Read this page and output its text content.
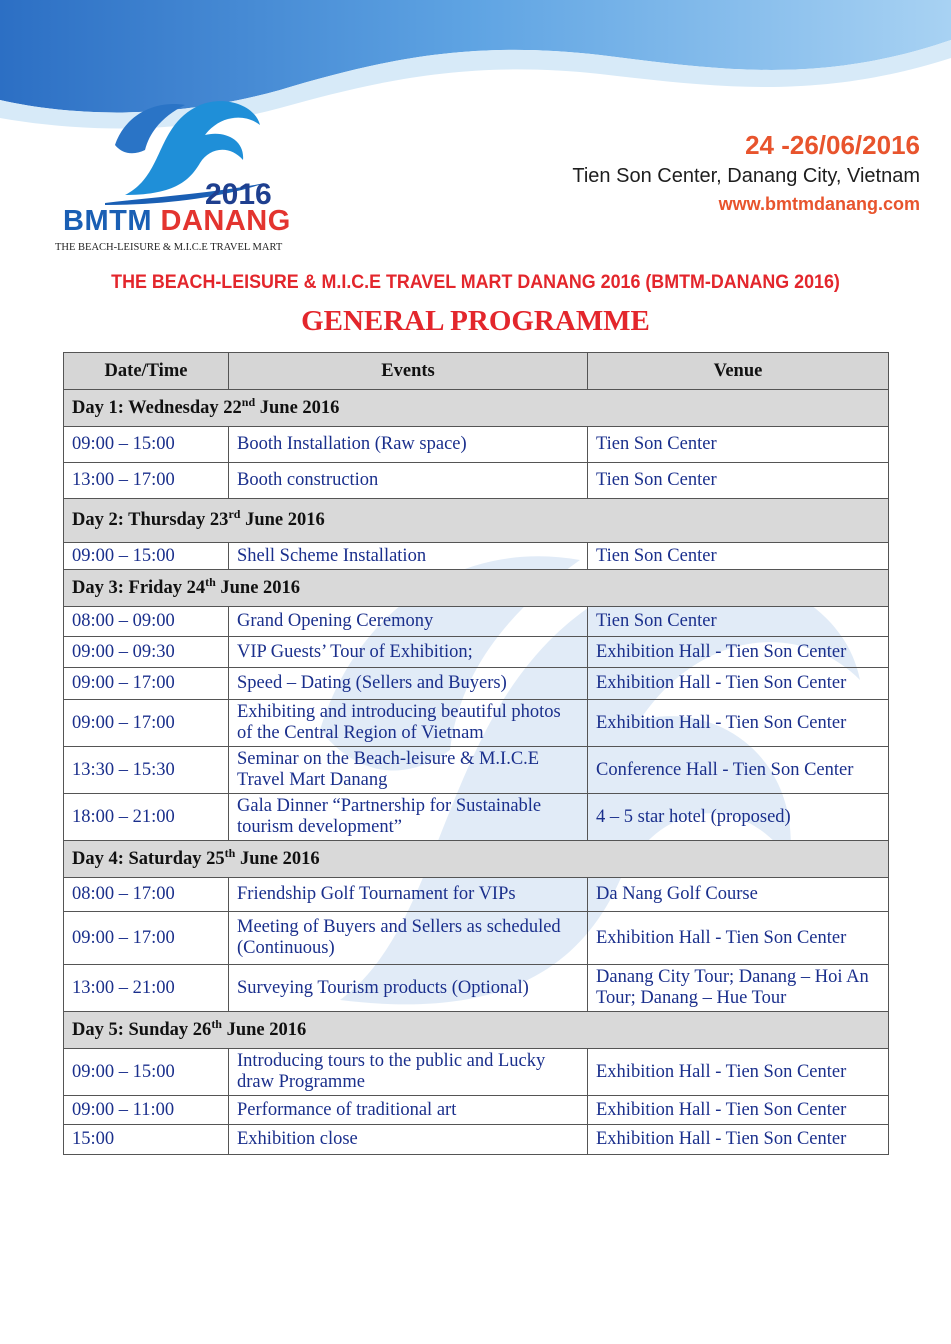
2016
BMTM DANANG
THE BEACH-LEISURE & M.I.C.E TRAVEL MART
24 -26/06/2016
Tien Son Center, Danang City, Vietnam
www.bmtmdanang.com
THE BEACH-LEISURE & M.I.C.E TRAVEL MART DANANG 2016 (BMTM-DANANG 2016)
GENERAL PROGRAMME
Date/Time	Events	Venue
Day 1: Wednesday 22nd June 2016		
09:00 – 15:00	Booth Installation (Raw space)	Tien Son Center
13:00 – 17:00	Booth construction	Tien Son Center
Day 2: Thursday 23rd June 2016		
09:00 – 15:00	Shell Scheme Installation	Tien Son Center
Day 3: Friday 24th June 2016		
08:00 – 09:00	Grand Opening Ceremony	Tien Son Center
09:00 – 09:30	VIP Guests’ Tour of Exhibition;	Exhibition Hall - Tien Son Center
09:00 – 17:00	Speed – Dating (Sellers and Buyers)	Exhibition Hall - Tien Son Center
09:00 – 17:00	Exhibiting and introducing beautiful photos of the Central Region of Vietnam	Exhibition Hall - Tien Son Center
13:30 – 15:30	Seminar on the Beach-leisure & M.I.C.E Travel Mart Danang	Conference Hall - Tien Son Center
18:00 – 21:00	Gala Dinner “Partnership for Sustainable tourism development”	4 – 5 star hotel (proposed)
Day 4: Saturday 25th June 2016		
08:00 – 17:00	Friendship Golf Tournament for VIPs	Da Nang Golf Course
09:00 – 17:00	Meeting of Buyers and Sellers as scheduled (Continuous)	Exhibition Hall - Tien Son Center
13:00 – 21:00	Surveying Tourism products (Optional)	Danang City Tour; Danang – Hoi An Tour; Danang – Hue Tour
Day 5: Sunday 26th June 2016		
09:00 – 15:00	Introducing tours to the public and Lucky draw Programme	Exhibition Hall - Tien Son Center
09:00 – 11:00	Performance of traditional art	Exhibition Hall - Tien Son Center
15:00	Exhibition close	Exhibition Hall - Tien Son Center
